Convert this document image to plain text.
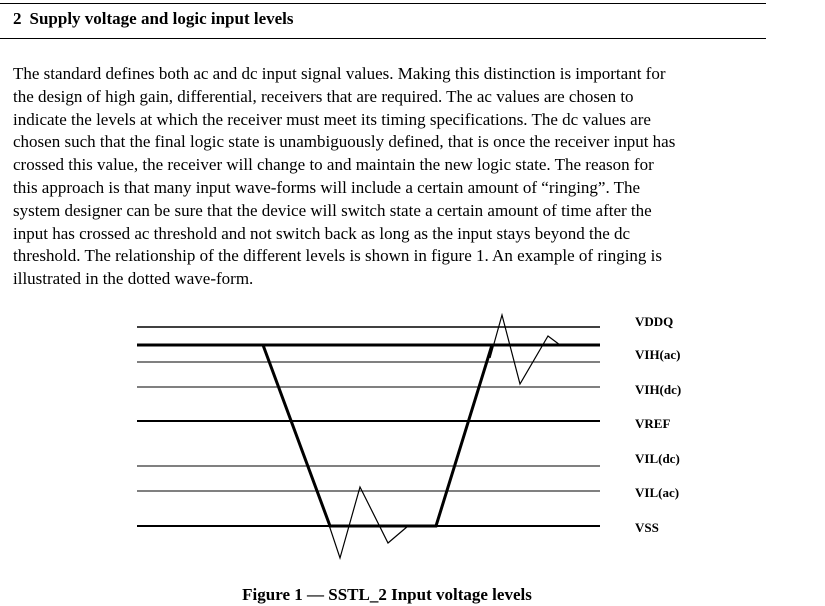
2 Supply voltage and logic input levels
The standard defines both ac and dc input signal values. Making this distinction is important for
the design of high gain, differential, receivers that are required. The ac values are chosen to
indicate the levels at which the receiver must meet its timing specifications. The dc values are
chosen such that the final logic state is unambiguously defined, that is once the receiver input has
crossed this value, the receiver will change to and maintain the new logic state. The reason for
this approach is that many input wave-forms will include a certain amount of “ringing”. The
system designer can be sure that the device will switch state a certain amount of time after the
input has crossed ac threshold and not switch back as long as the input stays beyond the dc
threshold. The relationship of the different levels is shown in figure 1. An example of ringing is
illustrated in the dotted wave-form.
VDDQ
VIH(ac)
VIH(dc)
VREF
VIL(dc)
VIL(ac)
VSS
Figure 1 — SSTL_2 Input voltage levels
